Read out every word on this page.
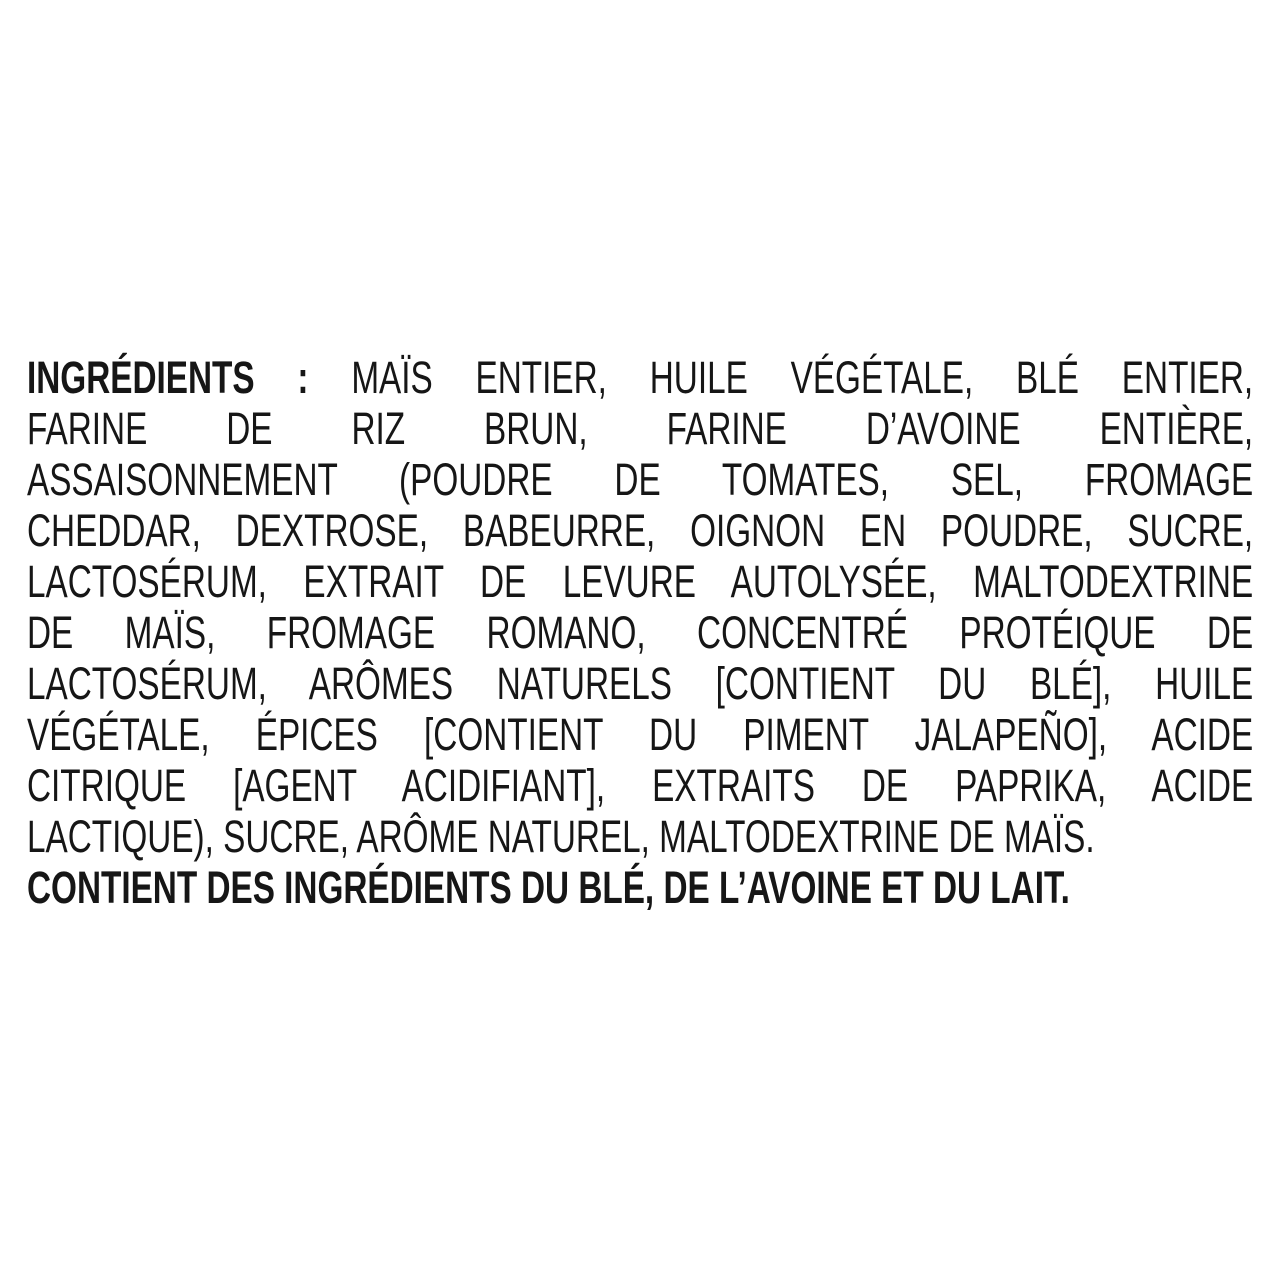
INGRÉDIENTS : MAÏS ENTIER, HUILE VÉGÉTALE, BLÉ ENTIER,
FARINE DE RIZ BRUN, FARINE D’AVOINE ENTIÈRE,
ASSAISONNEMENT (POUDRE DE TOMATES, SEL, FROMAGE
CHEDDAR, DEXTROSE, BABEURRE, OIGNON EN POUDRE, SUCRE,
LACTOSÉRUM, EXTRAIT DE LEVURE AUTOLYSÉE, MALTODEXTRINE
DE MAÏS, FROMAGE ROMANO, CONCENTRÉ PROTÉIQUE DE
LACTOSÉRUM, ARÔMES NATURELS [CONTIENT DU BLÉ], HUILE
VÉGÉTALE, ÉPICES [CONTIENT DU PIMENT JALAPEÑO], ACIDE
CITRIQUE [AGENT ACIDIFIANT], EXTRAITS DE PAPRIKA, ACIDE
LACTIQUE), SUCRE, ARÔME NATUREL, MALTODEXTRINE DE MAÏS.
CONTIENT DES INGRÉDIENTS DU BLÉ, DE L’AVOINE ET DU LAIT.
